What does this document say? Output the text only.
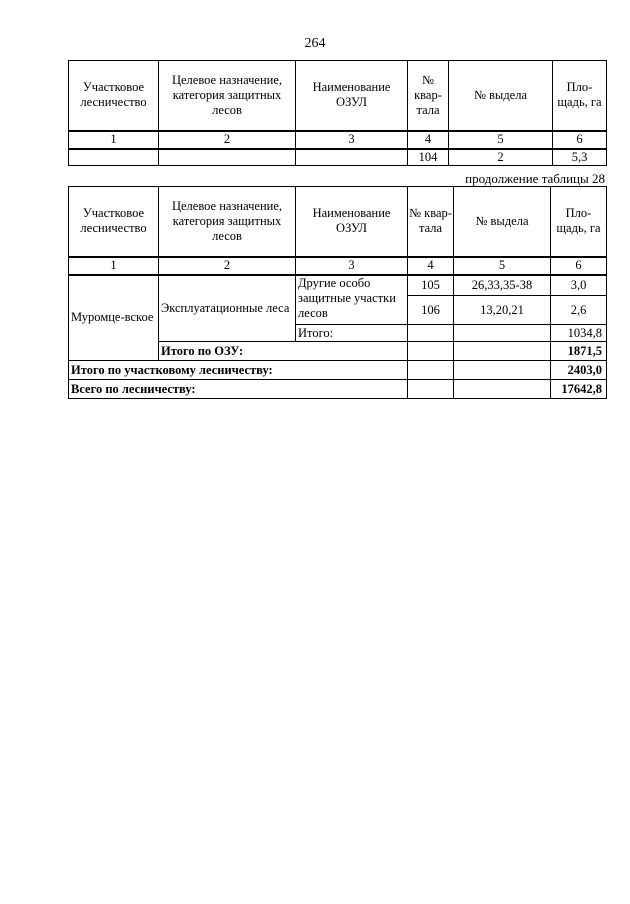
264
Участковое лесничество	Целевое назначение, категория защитных лесов	Наименование ОЗУЛ	№ квар-тала	№ выдела	Пло-щадь, га
1	2	3	4	5	6
			104	2	5,3
продолжение таблицы 28
Участковое лесничество	Целевое назначение, категория защитных лесов	Наименование ОЗУЛ	№ квар-тала	№ выдела	Пло-щадь, га
1	2	3	4	5	6
Муромце-вское	Эксплуатационные леса	Другие особо защитные участки лесов	105	26,33,35-38	3,0
			106	13,20,21	2,6
		Итого:			1034,8
	Итого по ОЗУ:				1871,5
Итого по участковому лесничеству:					2403,0
Всего по лесничеству:					17642,8
